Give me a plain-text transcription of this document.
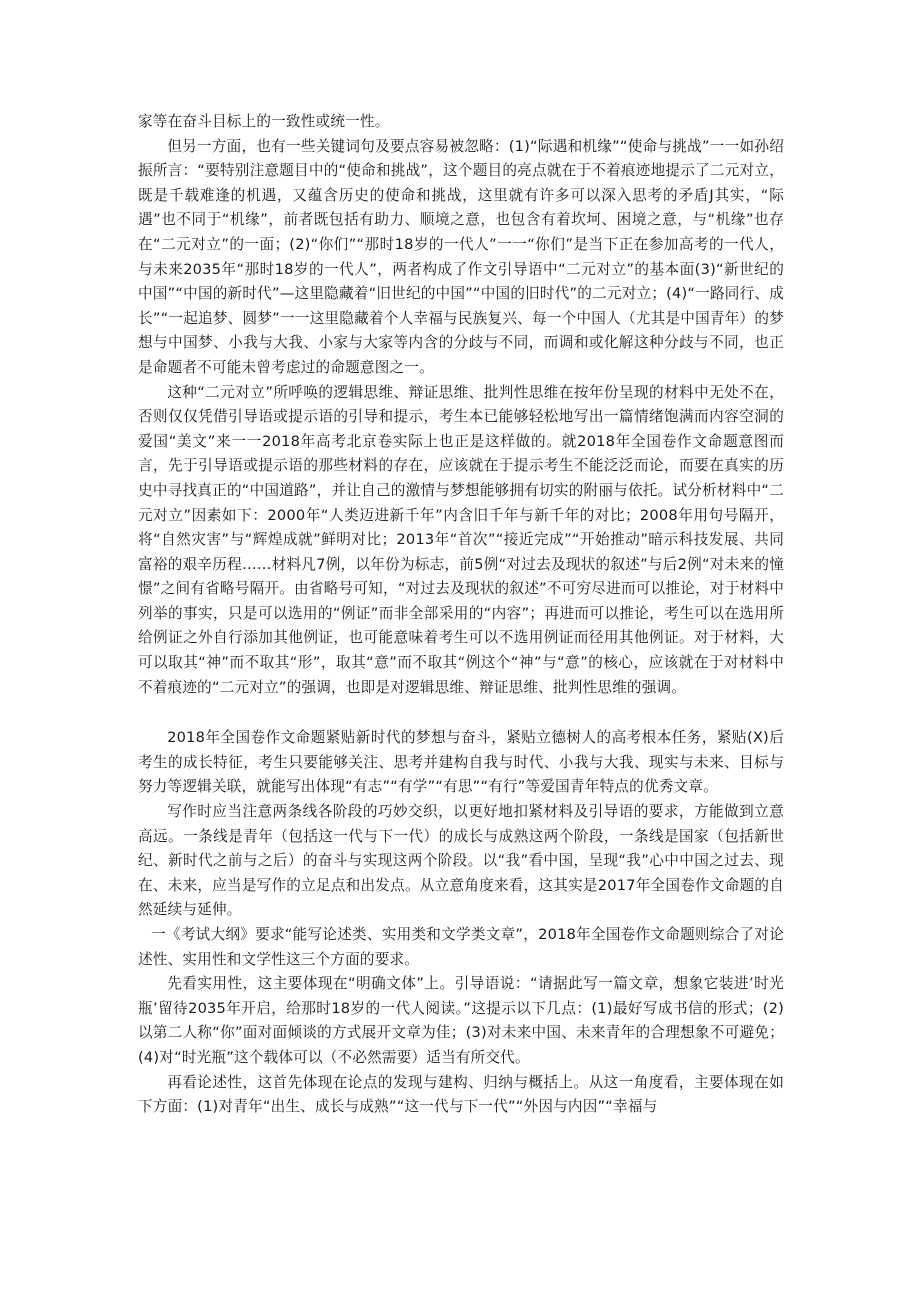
家等在奋斗目标上的一致性或统一性。

但另一方面，也有一些关键词句及要点容易被忽略：(1)“际遇和机缘”“使命与挑战”一一如孙绍振所言：“要特别注意题目中的“使命和挑战”，这个题目的亮点就在于不着痕迹地提示了二元对立，既是千载难逢的机遇，又蕴含历史的使命和挑战，这里就有许多可以深入思考的矛盾J其实，“际遇”也不同于“机缘”，前者既包括有助力、顺境之意，也包含有着坎坷、困境之意，与“机缘”也存在“二元对立”的一面；(2)“你们”“那时18岁的一代人”一一“你们”是当下正在参加高考的一代人，与未来2035年“那时18岁的一代人”，两者构成了作文引导语中“二元对立”的基本面(3)“新世纪的中国”“中国的新时代”—这里隐藏着“旧世纪的中国”“中国的旧时代”的二元对立；(4)“一路同行、成长”“一起追梦、圆梦”一一这里隐藏着个人幸福与民族复兴、每一个中国人（尤其是中国青年）的梦想与中国梦、小我与大我、小家与大家等内含的分歧与不同，而调和或化解这种分歧与不同，也正是命题者不可能未曾考虑过的命题意图之一。

这种“二元对立”所呼唤的逻辑思维、辩证思维、批判性思维在按年份呈现的材料中无处不在，否则仅仅凭借引导语或提示语的引导和提示，考生本已能够轻松地写出一篇情绪饱满而内容空洞的爱国“美文”来一一2018年高考北京卷实际上也正是这样做的。就2018年全国卷作文命题意图而言，先于引导语或提示语的那些材料的存在，应该就在于提示考生不能泛泛而论，而要在真实的历史中寻找真正的“中国道路”，并让自己的激情与梦想能够拥有切实的附丽与依托。试分析材料中“二元对立”因素如下：2000年“人类迈进新千年”内含旧千年与新千年的对比；2008年用句号隔开，将“自然灾害”与“辉煌成就”鲜明对比；2013年“首次”“接近完成”“开始推动”暗示科技发展、共同富裕的艰辛历程……材料凡7例，以年份为标志，前5例“对过去及现状的叙述”与后2例“对未来的憧憬”之间有省略号隔开。由省略号可知，“对过去及现状的叙述”不可穷尽进而可以推论，对于材料中列举的事实，只是可以选用的“例证”而非全部采用的“内容”；再进而可以推论，考生可以在选用所给例证之外自行添加其他例证，也可能意味着考生可以不选用例证而径用其他例证。对于材料，大可以取其“神”而不取其“形”，取其“意”而不取其“例这个“神”与“意”的核心，应该就在于对材料中不着痕迹的“二元对立”的强调，也即是对逻辑思维、辩证思维、批判性思维的强调。

2018年全国卷作文命题紧贴新时代的梦想与奋斗，紧贴立德树人的高考根本任务，紧贴(X)后考生的成长特征，考生只要能够关注、思考并建构自我与时代、小我与大我、现实与未来、目标与努力等逻辑关联，就能写出体现“有志”“有学”“有思”“有行”等爱国青年特点的优秀文章。

写作时应当注意两条线各阶段的巧妙交织，以更好地扣紧材料及引导语的要求，方能做到立意高远。一条线是青年（包括这一代与下一代）的成长与成熟这两个阶段，一条线是国家（包括新世纪、新时代之前与之后）的奋斗与实现这两个阶段。以“我”看中国，呈现“我”心中中国之过去、现在、未来，应当是写作的立足点和出发点。从立意角度来看，这其实是2017年全国卷作文命题的自然延续与延伸。

一《考试大纲》要求“能写论述类、实用类和文学类文章”，2018年全国卷作文命题则综合了对论述性、实用性和文学性这三个方面的要求。

先看实用性，这主要体现在“明确文体”上。引导语说：“请据此写一篇文章，想象它装进’时光瓶’留待2035年开启，给那时18岁的一代人阅读。”这提示以下几点：(1)最好写成书信的形式；(2)以第二人称“你”面对面倾谈的方式展开文章为佳；(3)对未来中国、未来青年的合理想象不可避免；(4)对“时光瓶”这个载体可以（不必然需要）适当有所交代。

再看论述性，这首先体现在论点的发现与建构、归纳与概括上。从这一角度看，主要体现在如下方面：(1)对青年“出生、成长与成熟”“这一代与下一代”“外因与内因”“幸福与
